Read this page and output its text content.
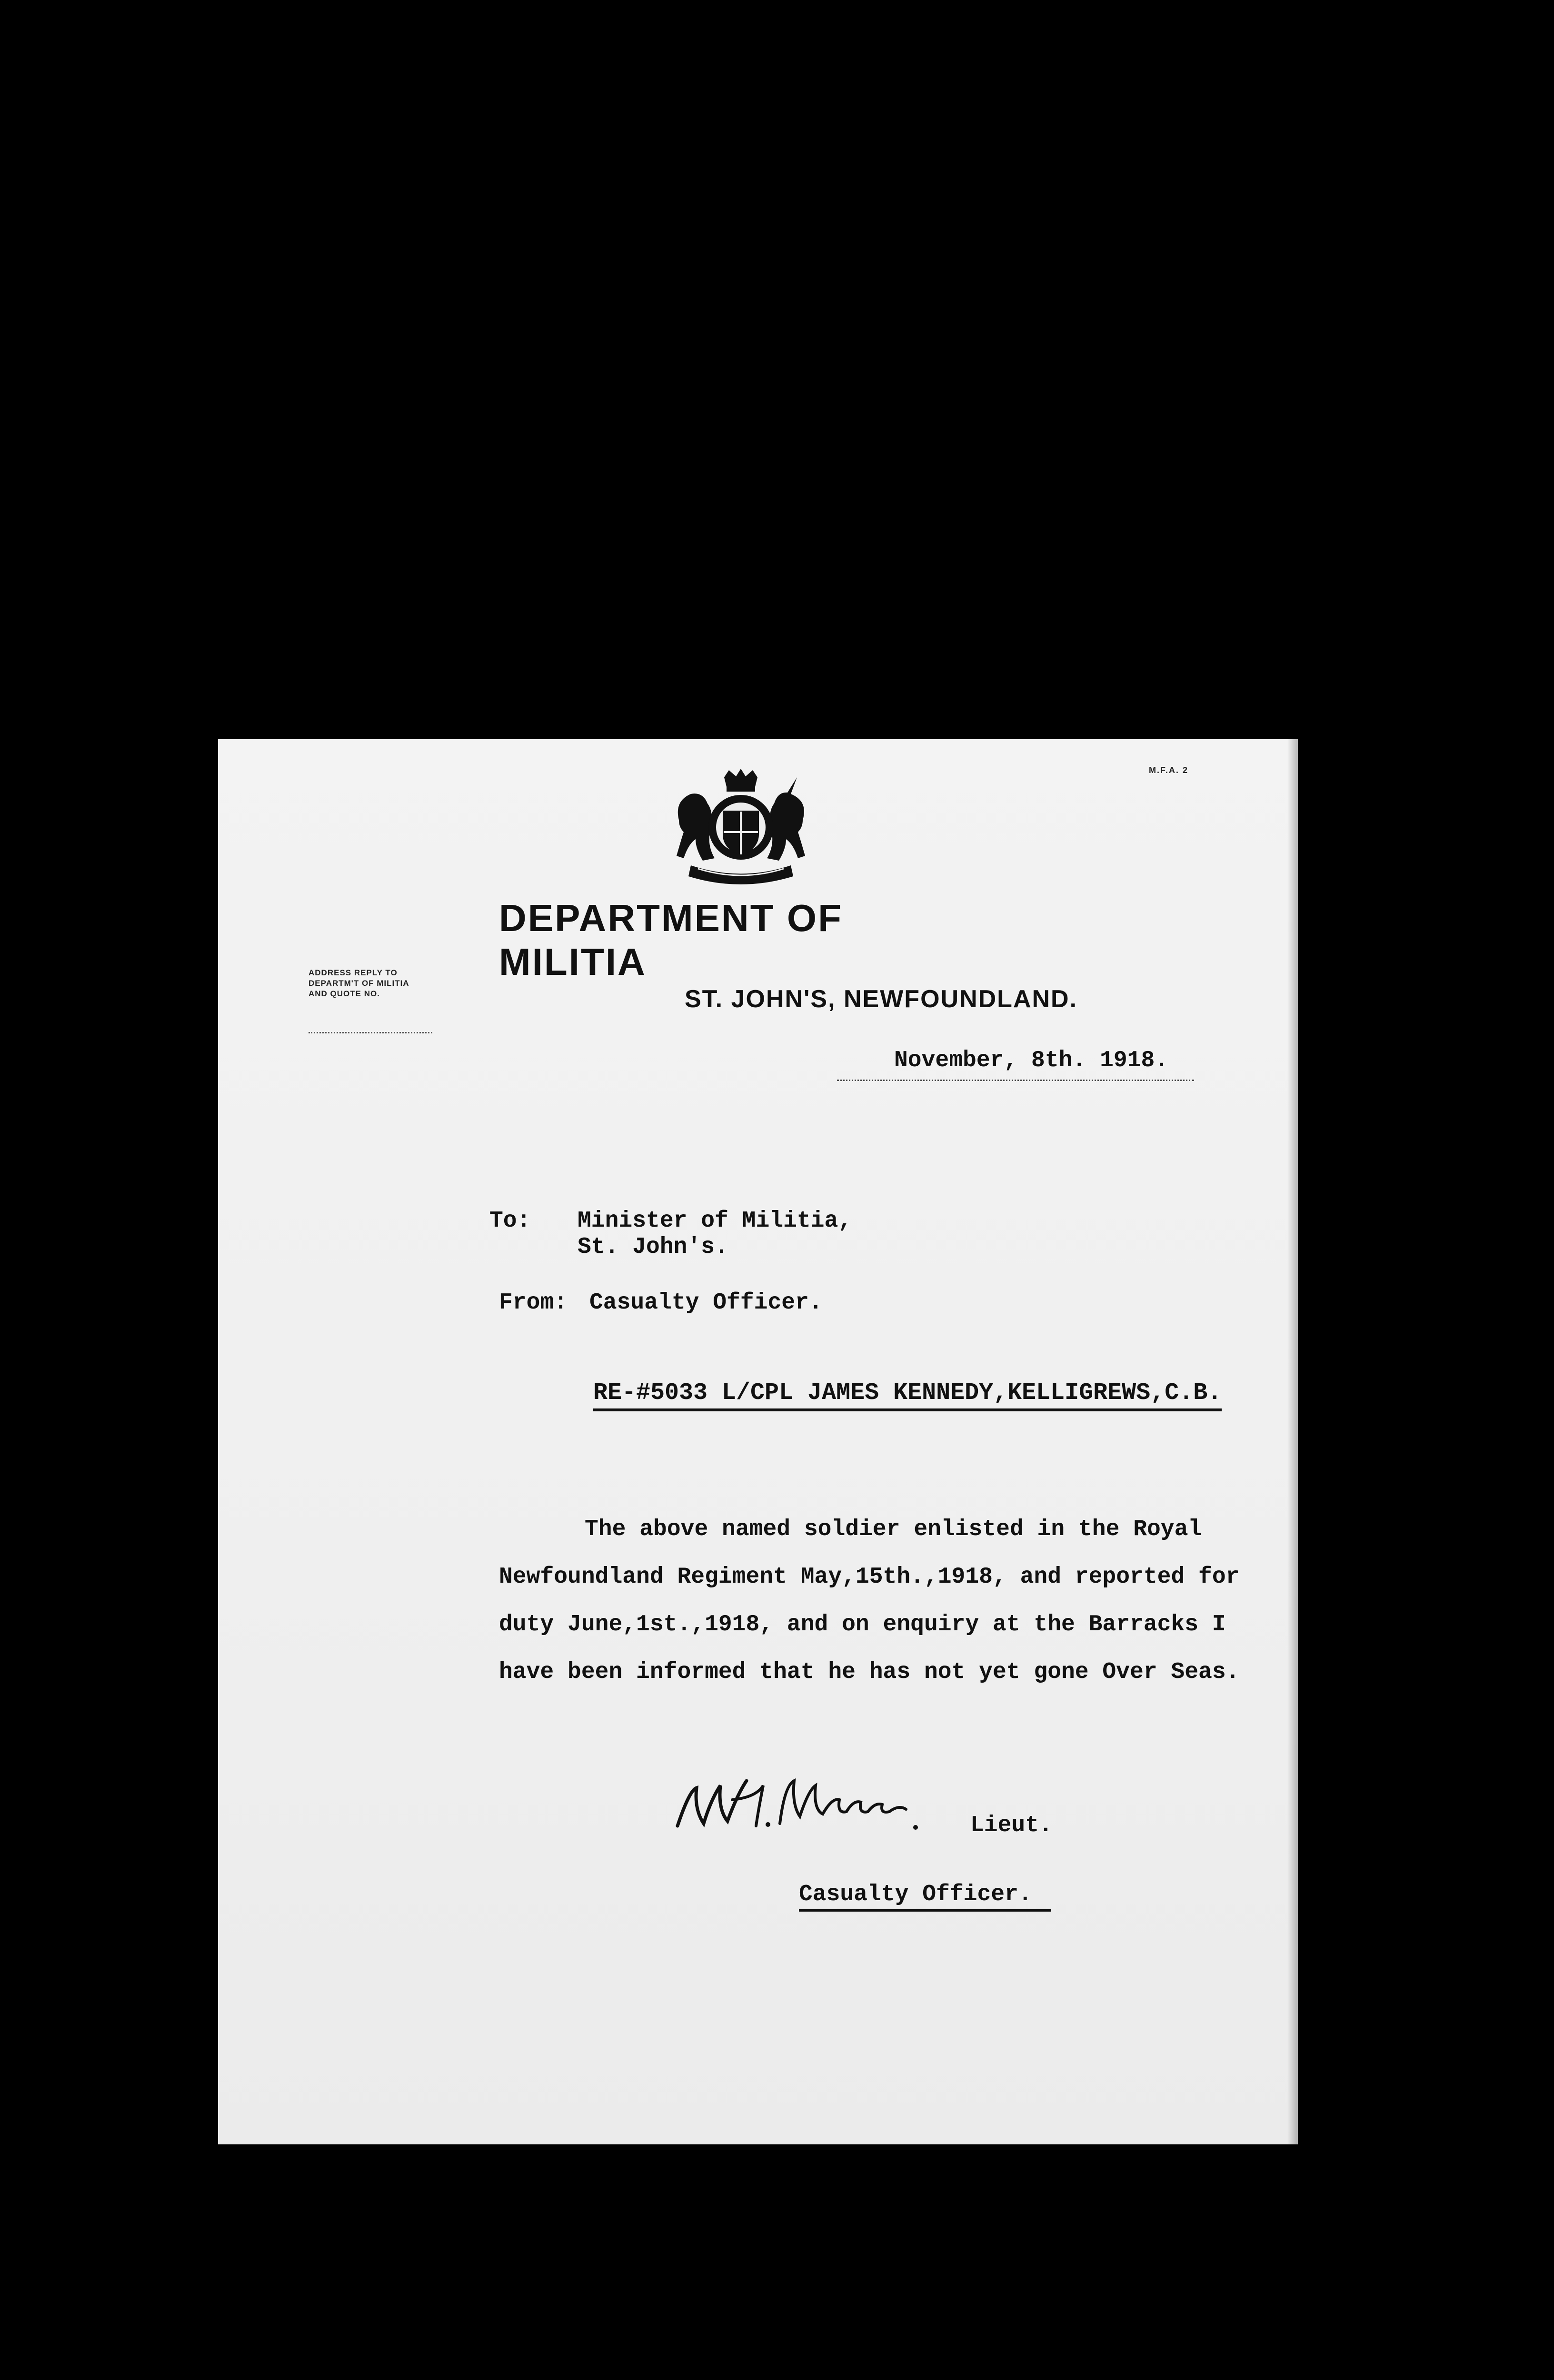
M.F.A. 2
DEPARTMENT OF MILITIA
ADDRESS REPLY TO
DEPARTM'T OF MILITIA
AND QUOTE NO.	ST. JOHN'S, NEWFOUNDLAND.
November, 8th. 1918.
To: Minister of Militia,
St. John's.
From: Casualty Officer.
RE-#5033 L/CPL JAMES KENNEDY,KELLIGREWS,C.B.
The above named soldier enlisted in the Royal
Newfoundland Regiment May,15th.,1918, and reported for
duty June,1st.,1918, and on enquiry at the Barracks I
have been informed that he has not yet gone Over Seas.
Lieut.
Casualty Officer.
